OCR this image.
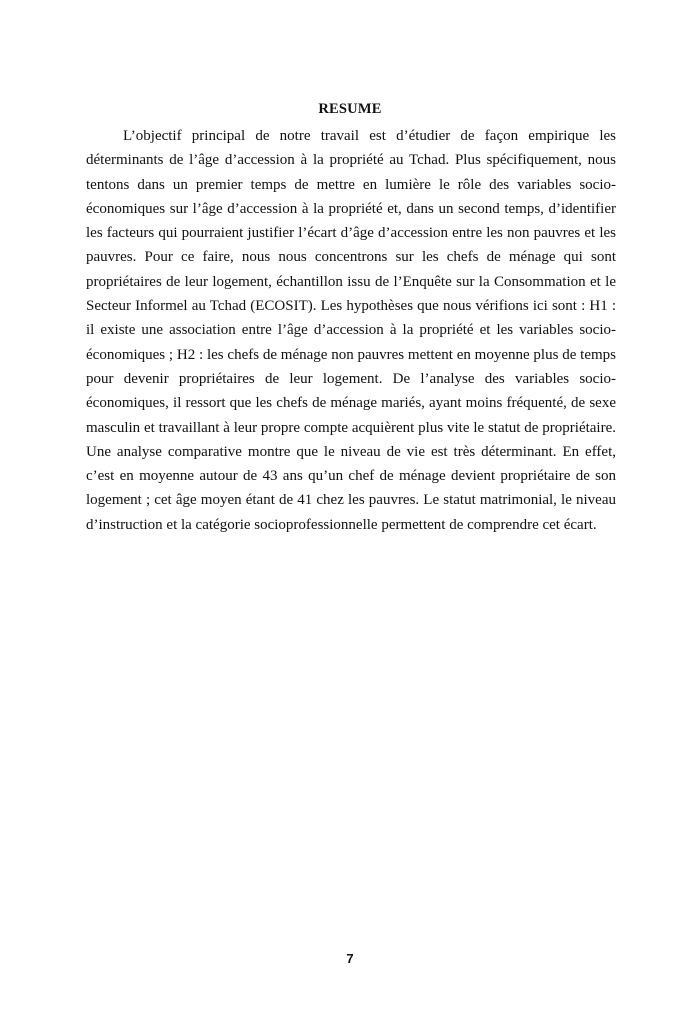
RESUME

L’objectif principal de notre travail est d’étudier de façon empirique les déterminants de l’âge d’accession à la propriété au Tchad. Plus spécifiquement, nous tentons dans un premier temps de mettre en lumière le rôle des variables socio-économiques sur l’âge d’accession à la propriété et, dans un second temps, d’identifier les facteurs qui pourraient justifier l’écart d’âge d’accession entre les non pauvres et les pauvres. Pour ce faire, nous nous concentrons sur les chefs de ménage qui sont propriétaires de leur logement, échantillon issu de l’Enquête sur la Consommation et le Secteur Informel au Tchad (ECOSIT). Les hypothèses que nous vérifions ici sont : H1 : il existe une association entre l’âge d’accession à la propriété et les variables socio-économiques ; H2 : les chefs de ménage non pauvres mettent en moyenne plus de temps pour devenir propriétaires de leur logement. De l’analyse des variables socio-économiques, il ressort que les chefs de ménage mariés, ayant moins fréquenté, de sexe masculin et travaillant à leur propre compte acquièrent plus vite le statut de propriétaire. Une analyse comparative montre que le niveau de vie est très déterminant. En effet, c’est en moyenne autour de 43 ans qu’un chef de ménage devient propriétaire de son logement ; cet âge moyen étant de 41 chez les pauvres. Le statut matrimonial, le niveau d’instruction et la catégorie socioprofessionnelle permettent de comprendre cet écart.

7
